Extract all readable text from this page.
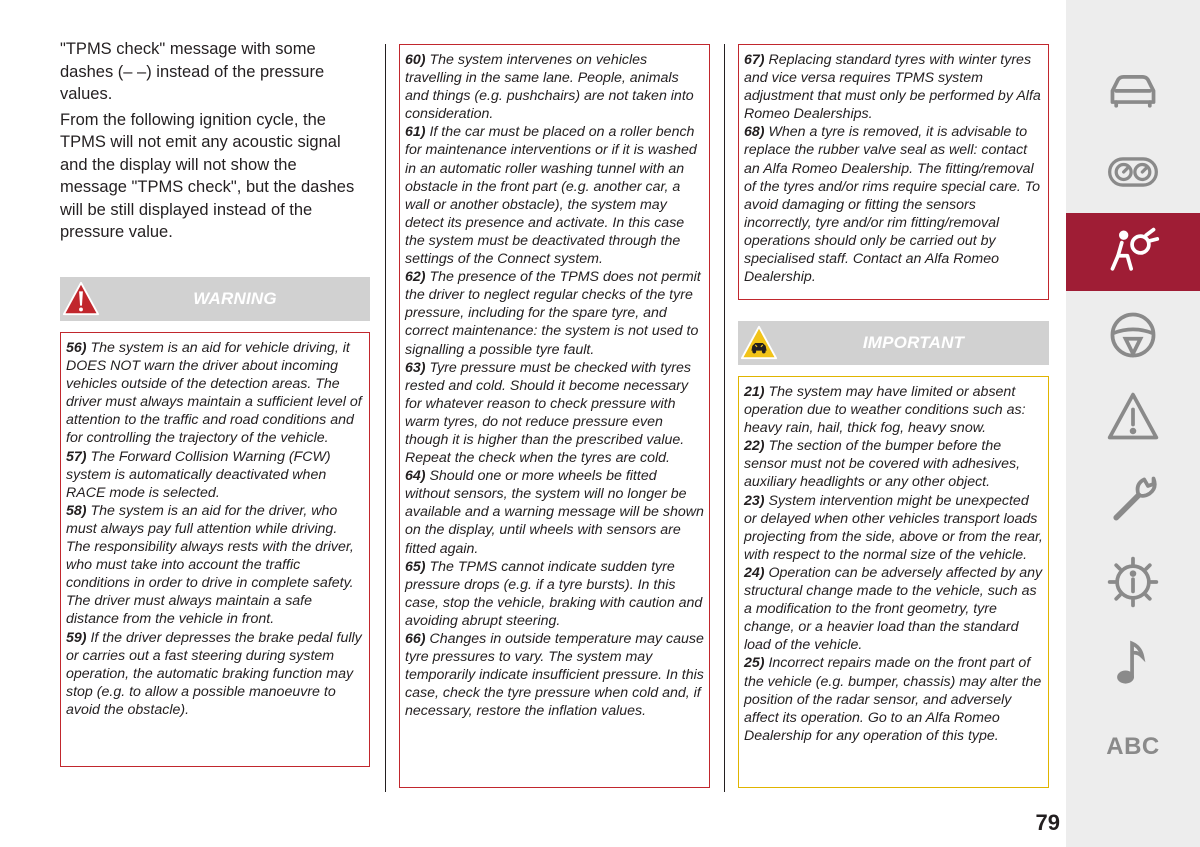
"TPMS check" message with some dashes (– –) instead of the pressure values.

From the following ignition cycle, the TPMS will not emit any acoustic signal and the display will not show the message "TPMS check", but the dashes will be still displayed instead of the pressure value.

WARNING
56) The system is an aid for vehicle driving, it DOES NOT warn the driver about incoming vehicles outside of the detection areas. The driver must always maintain a sufficient level of attention to the traffic and road conditions and for controlling the trajectory of the vehicle.
57) The Forward Collision Warning (FCW) system is automatically deactivated when RACE mode is selected.
58) The system is an aid for the driver, who must always pay full attention while driving. The responsibility always rests with the driver, who must take into account the traffic conditions in order to drive in complete safety. The driver must always maintain a safe distance from the vehicle in front.
59) If the driver depresses the brake pedal fully or carries out a fast steering during system operation, the automatic braking function may stop (e.g. to allow a possible manoeuvre to avoid the obstacle).
60) The system intervenes on vehicles travelling in the same lane. People, animals and things (e.g. pushchairs) are not taken into consideration.
61) If the car must be placed on a roller bench for maintenance interventions or if it is washed in an automatic roller washing tunnel with an obstacle in the front part (e.g. another car, a wall or another obstacle), the system may detect its presence and activate. In this case the system must be deactivated through the settings of the Connect system.
62) The presence of the TPMS does not permit the driver to neglect regular checks of the tyre pressure, including for the spare tyre, and correct maintenance: the system is not used to signalling a possible tyre fault.
63) Tyre pressure must be checked with tyres rested and cold. Should it become necessary for whatever reason to check pressure with warm tyres, do not reduce pressure even though it is higher than the prescribed value. Repeat the check when the tyres are cold.
64) Should one or more wheels be fitted without sensors, the system will no longer be available and a warning message will be shown on the display, until wheels with sensors are fitted again.
65) The TPMS cannot indicate sudden tyre pressure drops (e.g. if a tyre bursts). In this case, stop the vehicle, braking with caution and avoiding abrupt steering.
66) Changes in outside temperature may cause tyre pressures to vary. The system may temporarily indicate insufficient pressure. In this case, check the tyre pressure when cold and, if necessary, restore the inflation values.
67) Replacing standard tyres with winter tyres and vice versa requires TPMS system adjustment that must only be performed by Alfa Romeo Dealerships.
68) When a tyre is removed, it is advisable to replace the rubber valve seal as well: contact an Alfa Romeo Dealership. The fitting/removal of the tyres and/or rims require special care. To avoid damaging or fitting the sensors incorrectly, tyre and/or rim fitting/removal operations should only be carried out by specialised staff. Contact an Alfa Romeo Dealership.
IMPORTANT
21) The system may have limited or absent operation due to weather conditions such as: heavy rain, hail, thick fog, heavy snow.
22) The section of the bumper before the sensor must not be covered with adhesives, auxiliary headlights or any other object.
23) System intervention might be unexpected or delayed when other vehicles transport loads projecting from the side, above or from the rear, with respect to the normal size of the vehicle.
24) Operation can be adversely affected by any structural change made to the vehicle, such as a modification to the front geometry, tyre change, or a heavier load than the standard load of the vehicle.
25) Incorrect repairs made on the front part of the vehicle (e.g. bumper, chassis) may alter the position of the radar sensor, and adversely affect its operation. Go to an Alfa Romeo Dealership for any operation of this type.
79
ABC
